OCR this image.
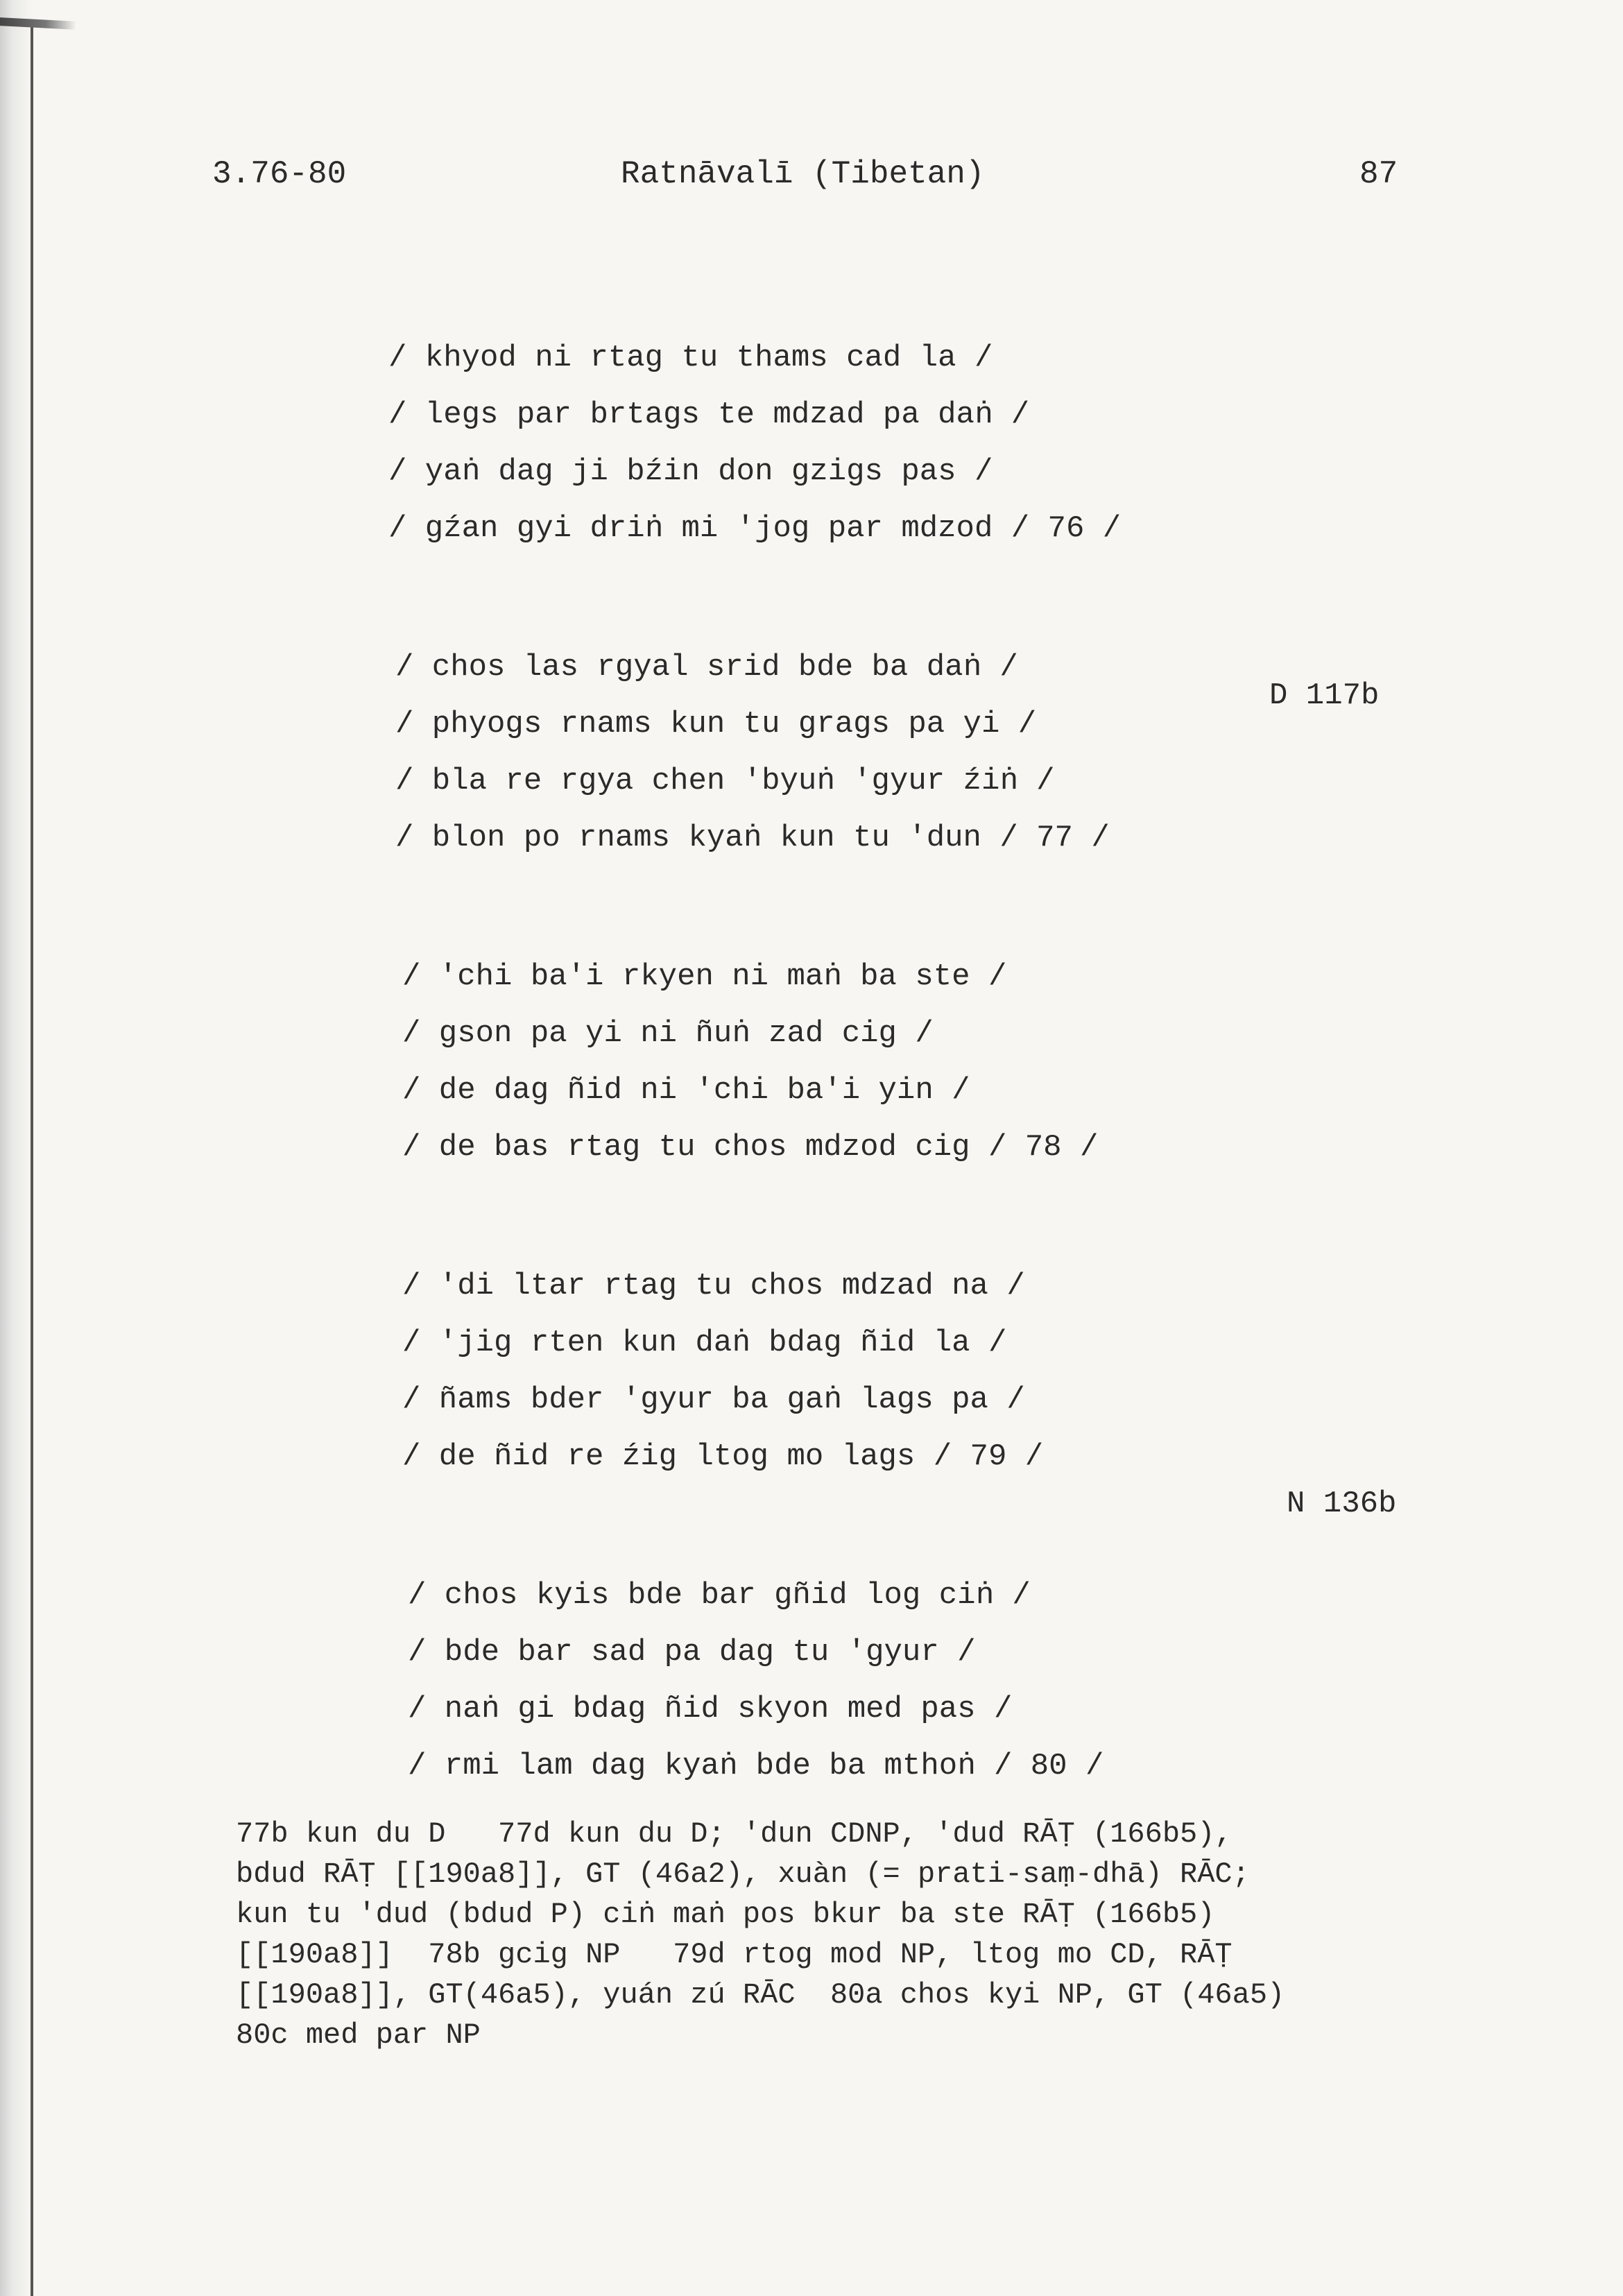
3.76-80	Ratnāvalī (Tibetan)	87
/ khyod ni rtag tu thams cad la /
/ legs par brtags te mdzad pa daṅ /
/ yaṅ dag ji bźin don gzigs pas /
/ gźan gyi driṅ mi 'jog par mdzod / 76 /
/ chos las rgyal srid bde ba daṅ /
/ phyogs rnams kun tu grags pa yi /
/ bla re rgya chen 'byuṅ 'gyur źiṅ /
/ blon po rnams kyaṅ kun tu 'dun / 77 /
/ 'chi ba'i rkyen ni maṅ ba ste /
/ gson pa yi ni ñuṅ zad cig /
/ de dag ñid ni 'chi ba'i yin /
/ de bas rtag tu chos mdzod cig / 78 /
/ 'di ltar rtag tu chos mdzad na /
/ 'jig rten kun daṅ bdag ñid la /
/ ñams bder 'gyur ba gaṅ lags pa /
/ de ñid re źig ltog mo lags / 79 /
/ chos kyis bde bar gñid log ciṅ /
/ bde bar sad pa dag tu 'gyur /
/ naṅ gi bdag ñid skyon med pas /
/ rmi lam dag kyaṅ bde ba mthoṅ / 80 /
D 117b
N 136b

77b kun du D   77d kun du D; 'dun CDNP, 'dud RĀṬ (166b5),

bdud RĀṬ [[190a8]], GT (46a2), xuàn (= prati-saṃ-dhā) RĀC;

kun tu 'dud (bdud P) ciṅ maṅ pos bkur ba ste RĀṬ (166b5)

[[190a8]]  78b gcig NP   79d rtog mod NP, ltog mo CD, RĀṬ

[[190a8]], GT(46a5), yuán zú RĀC  80a chos kyi NP, GT (46a5)

80c med par NP
